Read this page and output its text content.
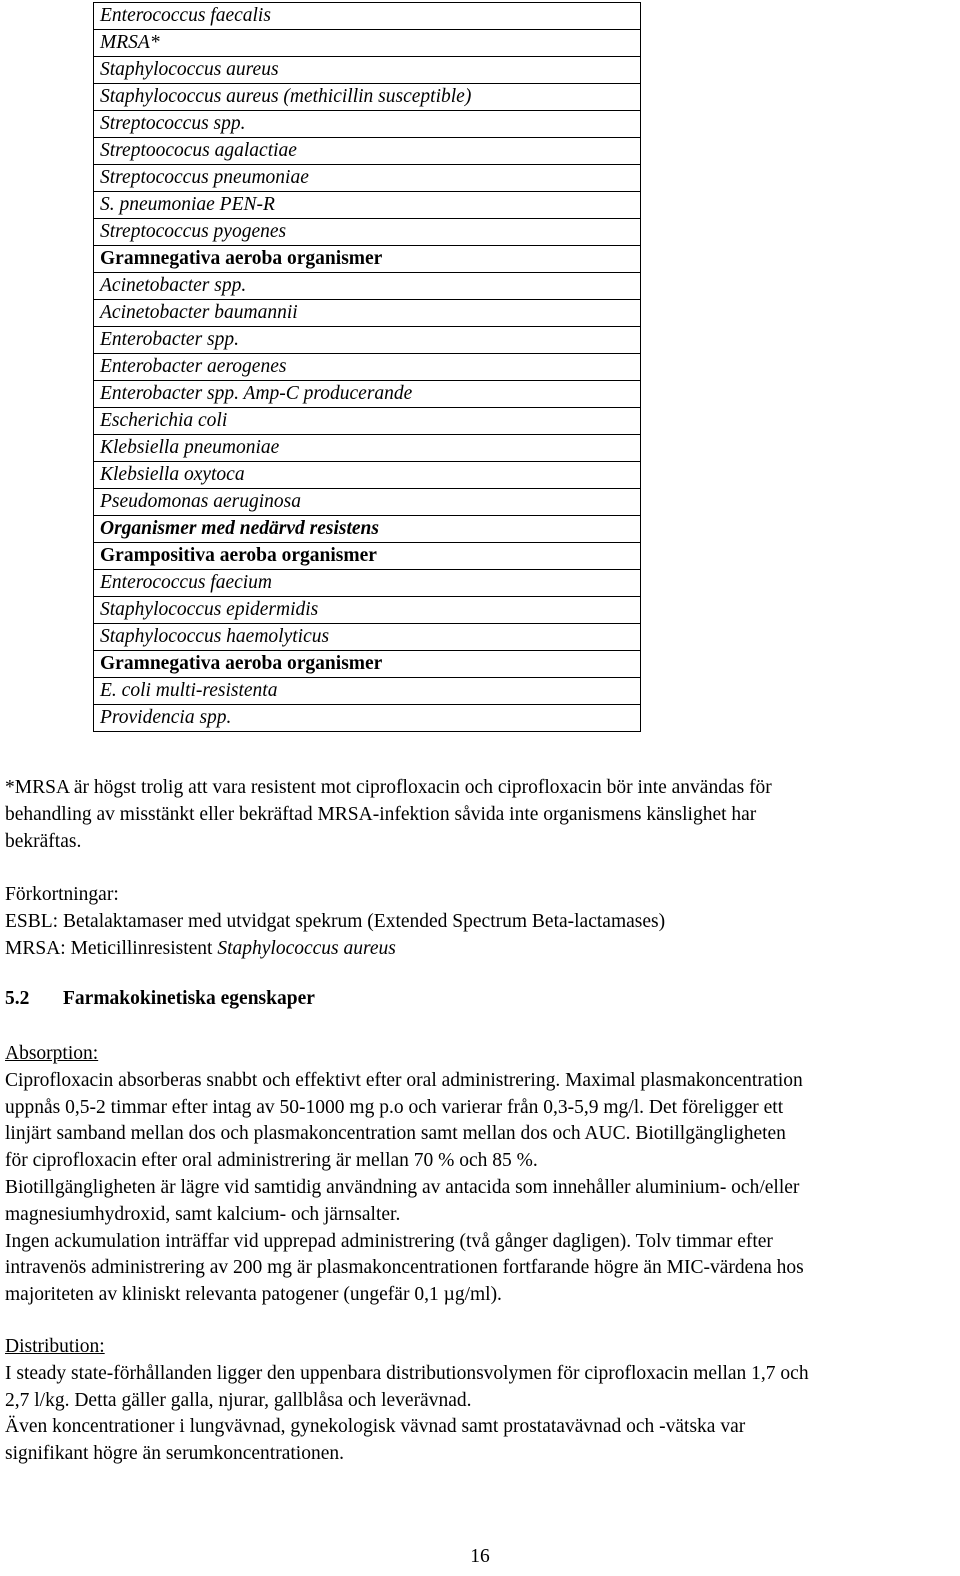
Enterococcus faecalis
MRSA*
Staphylococcus aureus
Staphylococcus aureus (methicillin susceptible)
Streptococcus spp.
Streptoococus agalactiae
Streptococcus pneumoniae
S. pneumoniae PEN-R
Streptococcus pyogenes
Gramnegativa aeroba organismer
Acinetobacter spp.
Acinetobacter baumannii
Enterobacter spp.
Enterobacter aerogenes
Enterobacter spp. Amp-C producerande
Escherichia coli
Klebsiella pneumoniae
Klebsiella oxytoca
Pseudomonas aeruginosa
Organismer med nedärvd resistens
Grampositiva aeroba organismer
Enterococcus faecium
Staphylococcus epidermidis
Staphylococcus haemolyticus
Gramnegativa aeroba organismer
E. coli multi-resistenta
Providencia spp.
*MRSA är högst trolig att vara resistent mot ciprofloxacin och ciprofloxacin bör inte användas för
behandling av misstänkt eller bekräftad MRSA-infektion såvida inte organismens känslighet har
bekräftas.
Förkortningar:
ESBL: Betalaktamaser med utvidgat spekrum (Extended Spectrum Beta-lactamases)
MRSA: Meticillinresistent Staphylococcus aureus
5.2 Farmakokinetiska egenskaper
Absorption:
Ciprofloxacin absorberas snabbt och effektivt efter oral administrering. Maximal plasmakoncentration
uppnås 0,5-2 timmar efter intag av 50-1000 mg p.o och varierar från 0,3-5,9 mg/l. Det föreligger ett
linjärt samband mellan dos och plasmakoncentration samt mellan dos och AUC. Biotillgängligheten
för ciprofloxacin efter oral administrering är mellan 70 % och 85 %.
Biotillgängligheten är lägre vid samtidig användning av antacida som innehåller aluminium- och/eller
magnesiumhydroxid, samt kalcium- och järnsalter.
Ingen ackumulation inträffar vid upprepad administrering (två gånger dagligen). Tolv timmar efter
intravenös administrering av 200 mg är plasmakoncentrationen fortfarande högre än MIC-värdena hos
majoriteten av kliniskt relevanta patogener (ungefär 0,1 µg/ml).
Distribution:
I steady state-förhållanden ligger den uppenbara distributionsvolymen för ciprofloxacin mellan 1,7 och
2,7 l/kg. Detta gäller galla, njurar, gallblåsa och leverävnad.
Även koncentrationer i lungvävnad, gynekologisk vävnad samt prostatavävnad och -vätska var
signifikant högre än serumkoncentrationen.
16
